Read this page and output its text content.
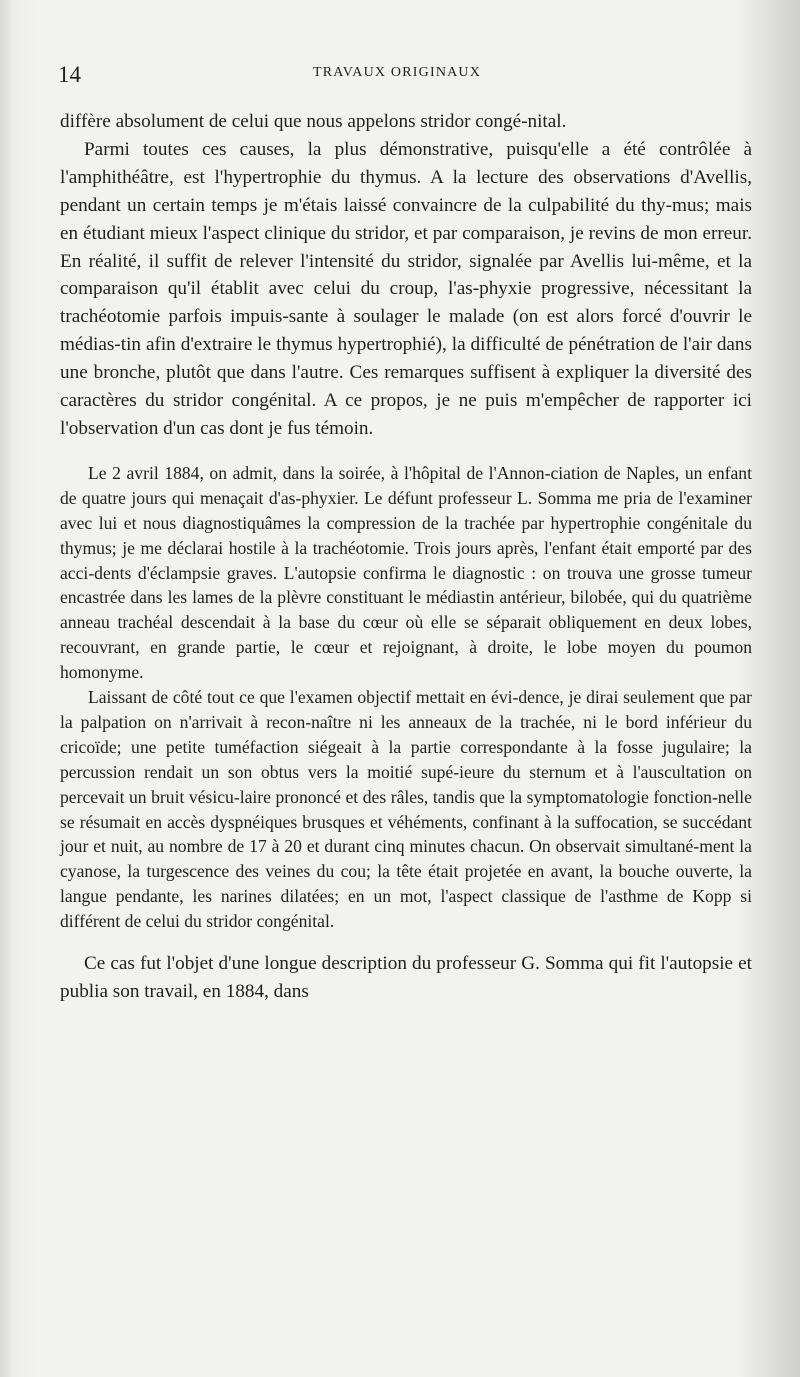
14	TRAVAUX ORIGINAUX

diffère absolument de celui que nous appelons stridor congé-nital.

Parmi toutes ces causes, la plus démonstrative, puisqu'elle a été contrôlée à l'amphithéâtre, est l'hypertrophie du thymus. A la lecture des observations d'Avellis, pendant un certain temps je m'étais laissé convaincre de la culpabilité du thy-mus; mais en étudiant mieux l'aspect clinique du stridor, et par comparaison, je revins de mon erreur. En réalité, il suffit de relever l'intensité du stridor, signalée par Avellis lui-même, et la comparaison qu'il établit avec celui du croup, l'as-phyxie progressive, nécessitant la trachéotomie parfois impuis-sante à soulager le malade (on est alors forcé d'ouvrir le médias-tin afin d'extraire le thymus hypertrophié), la difficulté de pénétration de l'air dans une bronche, plutôt que dans l'autre. Ces remarques suffisent à expliquer la diversité des caractères du stridor congénital. A ce propos, je ne puis m'empêcher de rapporter ici l'observation d'un cas dont je fus témoin.

Le 2 avril 1884, on admit, dans la soirée, à l'hôpital de l'Annon-ciation de Naples, un enfant de quatre jours qui menaçait d'as-phyxier. Le défunt professeur L. Somma me pria de l'examiner avec lui et nous diagnostiquâmes la compression de la trachée par hypertrophie congénitale du thymus; je me déclarai hostile à la trachéotomie. Trois jours après, l'enfant était emporté par des acci-dents d'éclampsie graves. L'autopsie confirma le diagnostic : on trouva une grosse tumeur encastrée dans les lames de la plèvre constituant le médiastin antérieur, bilobée, qui du quatrième anneau trachéal descendait à la base du cœur où elle se séparait obliquement en deux lobes, recouvrant, en grande partie, le cœur et rejoignant, à droite, le lobe moyen du poumon homonyme.

Laissant de côté tout ce que l'examen objectif mettait en évi-dence, je dirai seulement que par la palpation on n'arrivait à recon-naître ni les anneaux de la trachée, ni le bord inférieur du cricoïde; une petite tuméfaction siégeait à la partie correspondante à la fosse jugulaire; la percussion rendait un son obtus vers la moitié supé-ieure du sternum et à l'auscultation on percevait un bruit vésicu-laire prononcé et des râles, tandis que la symptomatologie fonction-nelle se résumait en accès dyspnéiques brusques et véhéments, confinant à la suffocation, se succédant jour et nuit, au nombre de 17 à 20 et durant cinq minutes chacun. On observait simultané-ment la cyanose, la turgescence des veines du cou; la tête était projetée en avant, la bouche ouverte, la langue pendante, les narines dilatées; en un mot, l'aspect classique de l'asthme de Kopp si différent de celui du stridor congénital.

Ce cas fut l'objet d'une longue description du professeur G. Somma qui fit l'autopsie et publia son travail, en 1884, dans
